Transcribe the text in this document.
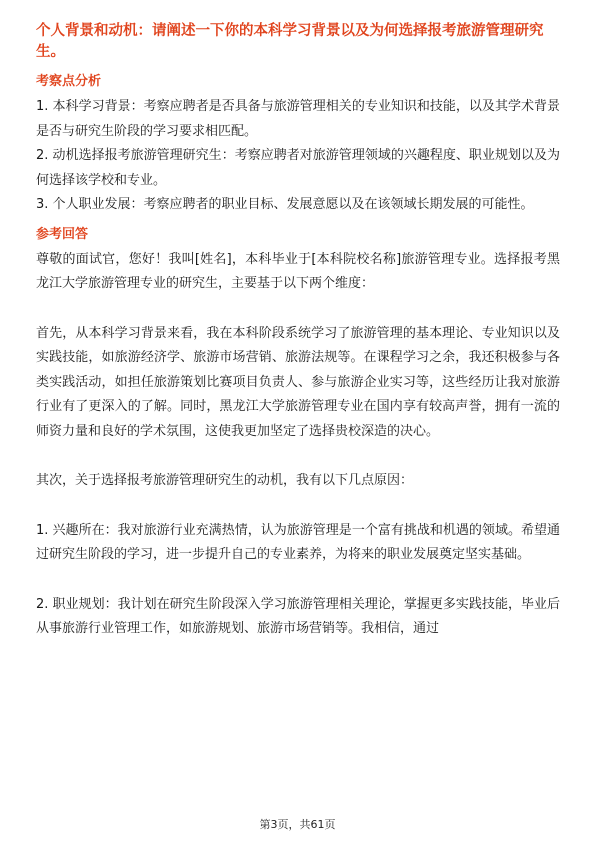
个人背景和动机：请阐述一下你的本科学习背景以及为何选择报考旅游管理研究生。

考察点分析

1. 本科学习背景：考察应聘者是否具备与旅游管理相关的专业知识和技能，以及其学术背景是否与研究生阶段的学习要求相匹配。

2. 动机选择报考旅游管理研究生：考察应聘者对旅游管理领域的兴趣程度、职业规划以及为何选择该学校和专业。

3. 个人职业发展：考察应聘者的职业目标、发展意愿以及在该领域长期发展的可能性。

参考回答

尊敬的面试官，您好！我叫[姓名]，本科毕业于[本科院校名称]旅游管理专业。选择报考黑龙江大学旅游管理专业的研究生，主要基于以下两个维度：

首先，从本科学习背景来看，我在本科阶段系统学习了旅游管理的基本理论、专业知识以及实践技能，如旅游经济学、旅游市场营销、旅游法规等。在课程学习之余，我还积极参与各类实践活动，如担任旅游策划比赛项目负责人、参与旅游企业实习等，这些经历让我对旅游行业有了更深入的了解。同时，黑龙江大学旅游管理专业在国内享有较高声誉，拥有一流的师资力量和良好的学术氛围，这使我更加坚定了选择贵校深造的决心。

其次，关于选择报考旅游管理研究生的动机，我有以下几点原因：

1. 兴趣所在：我对旅游行业充满热情，认为旅游管理是一个富有挑战和机遇的领域。希望通过研究生阶段的学习，进一步提升自己的专业素养，为将来的职业发展奠定坚实基础。

2. 职业规划：我计划在研究生阶段深入学习旅游管理相关理论，掌握更多实践技能，毕业后从事旅游行业管理工作，如旅游规划、旅游市场营销等。我相信，通过

第3页，共61页
